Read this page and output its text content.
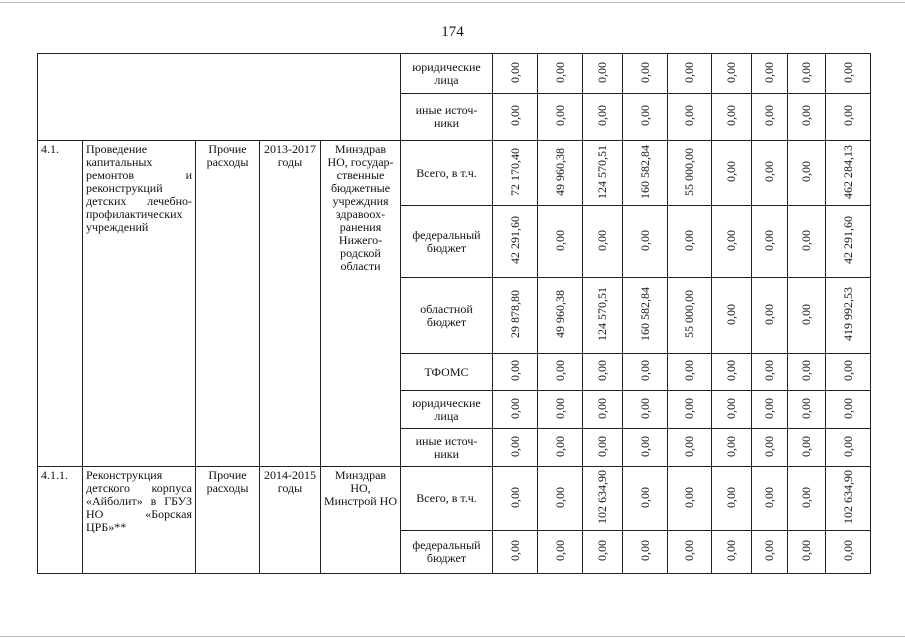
174
					юридические лица	0,00	0,00	0,00	0,00	0,00	0,00	0,00	0,00	0,00
					иные источ-ники	0,00	0,00	0,00	0,00	0,00	0,00	0,00	0,00	0,00
4.1.	Проведение капитальных ремонтов и реконструкций детских лечебно-профилактических учреждений	Прочие расходы	2013-2017 годы	Минздрав НО, государ-ственные бюджетные учреждния здравоох-ранения Нижего-родской области	Всего, в т.ч.	72 170,40	49 960,38	124 570,51	160 582,84	55 000,00	0,00	0,00	0,00	462 284,13
					федеральный бюджет	42 291,60	0,00	0,00	0,00	0,00	0,00	0,00	0,00	42 291,60
					областной бюджет	29 878,80	49 960,38	124 570,51	160 582,84	55 000,00	0,00	0,00	0,00	419 992,53
					ТФОМС	0,00	0,00	0,00	0,00	0,00	0,00	0,00	0,00	0,00
					юридические лица	0,00	0,00	0,00	0,00	0,00	0,00	0,00	0,00	0,00
					иные источ-ники	0,00	0,00	0,00	0,00	0,00	0,00	0,00	0,00	0,00
4.1.1.	Реконструкция детского корпуса «Айболит» в ГБУЗ НО «Борская ЦРБ»**	Прочие расходы	2014-2015 годы	Минздрав НО, Минстрой НО	Всего, в т.ч.	0,00	0,00	102 634,90	0,00	0,00	0,00	0,00	0,00	102 634,90
					федеральный бюджет	0,00	0,00	0,00	0,00	0,00	0,00	0,00	0,00	0,00
